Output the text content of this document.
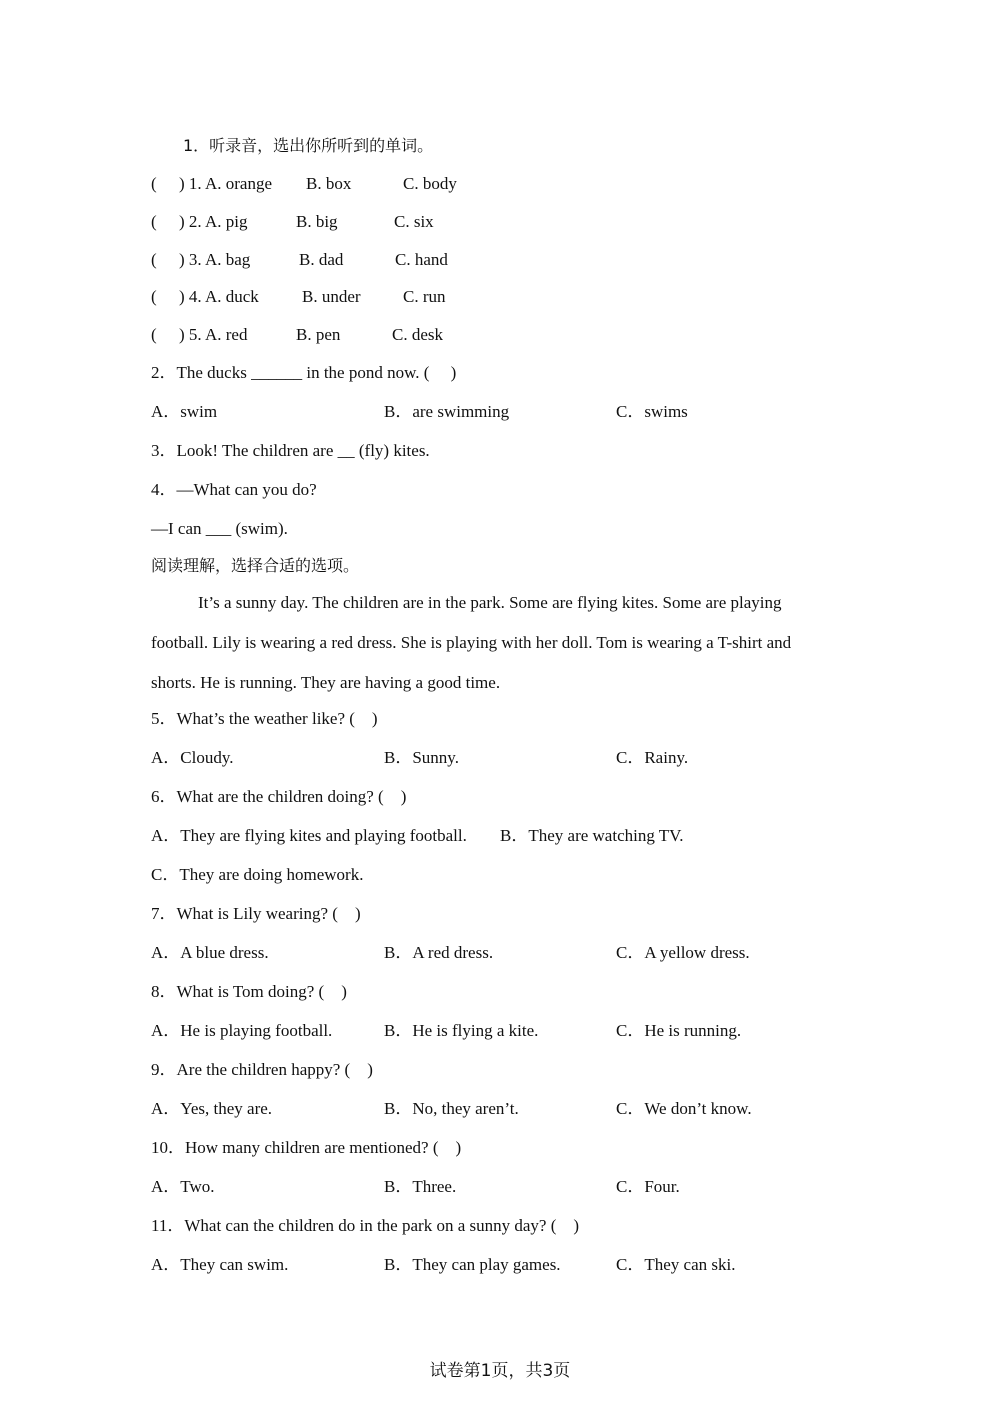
1．听录音，选出你所听到的单词。
( ) 1. A. orange B. box	C. body
( ) 2. A. pig	B. big	C. six
( ) 3. A. bag	B. dad	C. hand
( ) 4. A. duck	B. under C. run
( ) 5. A. red	B. pen	C. desk
2．The ducks ______ in the pond now. (     )
A．swim	B．are swimming	C．swims
3．Look! The children are __ (fly) kites.
4．—What can you do?
—I can ___ (swim).
阅读理解，选择合适的选项。
It’s a sunny day. The children are in the park. Some are flying kites. Some are playing football. Lily is wearing a red dress. She is playing with her doll. Tom is wearing a T-shirt and shorts. He is running. They are having a good time.
5．What’s the weather like? (    )
A．Cloudy.	B．Sunny.	C．Rainy.
6．What are the children doing? (    )
A．They are flying kites and playing football. B．They are watching TV.
C．They are doing homework.
7．What is Lily wearing? (    )
A．A blue dress.	B．A red dress.	C．A yellow dress.
8．What is Tom doing? (    )
A．He is playing football.	B．He is flying a kite.	C．He is running.
9．Are the children happy? (    )
A．Yes, they are.	B．No, they aren’t.	C．We don’t know.
10．How many children are mentioned? (    )
A．Two.	B．Three.	C．Four.
11．What can the children do in the park on a sunny day? (    )
A．They can swim.	B．They can play games.	C．They can ski.
试卷第1页，共3页
